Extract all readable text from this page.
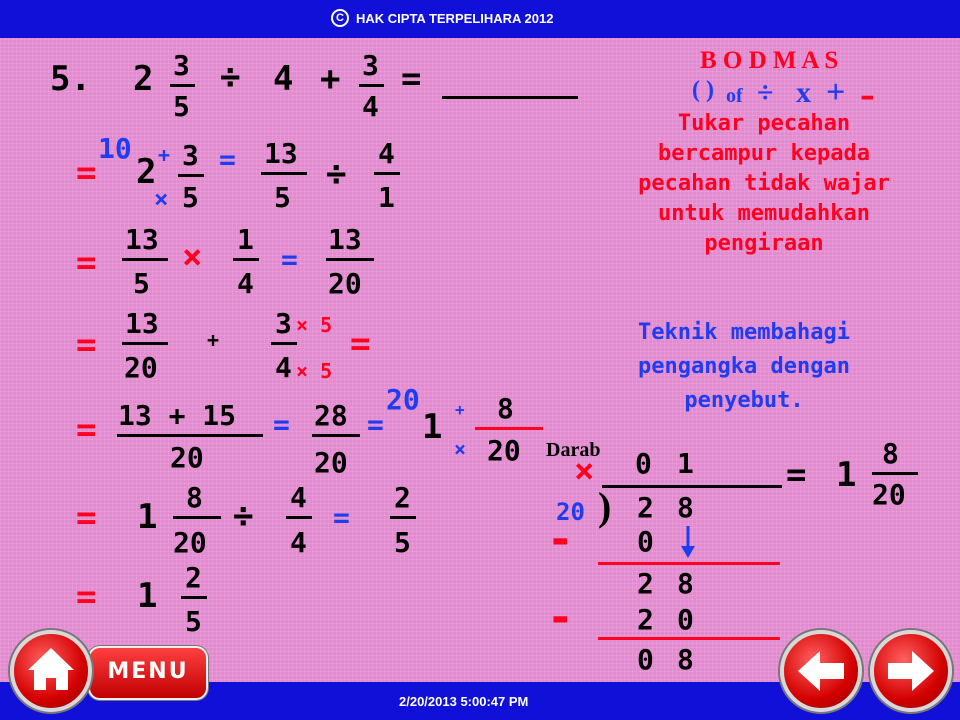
C HAK CIPTA TERPELIHARA 2012
5. 2 3
5
÷ 4 + 3
4
=	B O D M A S
( ) of ÷ x + -
Tukar pecahan
bercampur kepada
pecahan tidak wajar
untuk memudahkan
pengiraan
Teknik membahagi
pengangka dengan
penyebut.
=
10 +
×
2 3
5
= 13
5
÷
4
1
=
13
5
× 1
4
=
13
20
=
13
20
+ 3 × 5
4 × 5
=
= 13 + 15
20
= 28
20
=
20
1 +
×
8
20
= 1 8
20
÷ 4
4
=
2
5
= 1 2
5
Darab
× 0 1
20 ) 2 8
- 0
2 8
- 2 0
0 8
= 1
8
20
2/20/2013 5:00:47 PM
MENU
